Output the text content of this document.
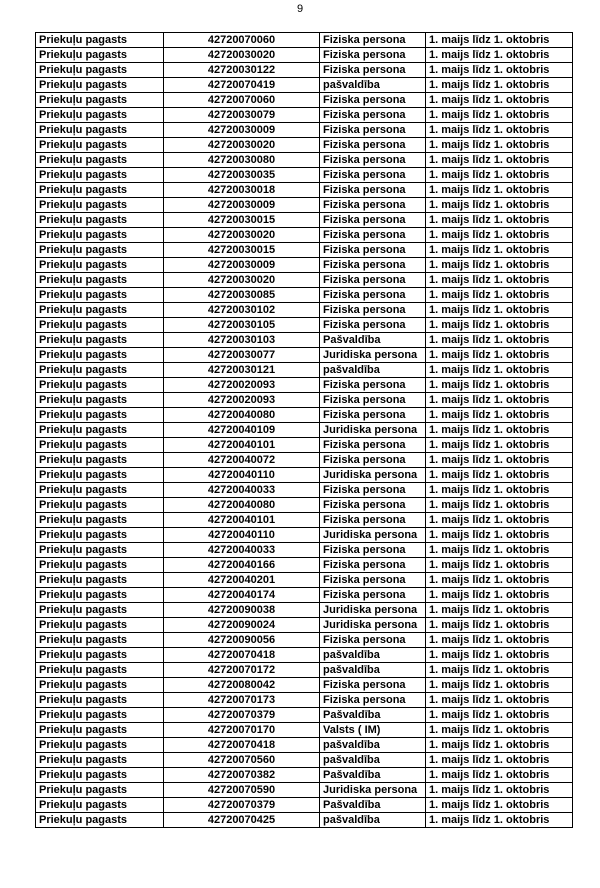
9
Priekuļu pagasts	42720070060	Fiziska persona	1. maijs līdz 1. oktobris
Priekuļu pagasts	42720030020	Fiziska persona	1. maijs līdz 1. oktobris
Priekuļu pagasts	42720030122	Fiziska persona	1. maijs līdz 1. oktobris
Priekuļu pagasts	42720070419	pašvaldība	1. maijs līdz 1. oktobris
Priekuļu pagasts	42720070060	Fiziska persona	1. maijs līdz 1. oktobris
Priekuļu pagasts	42720030079	Fiziska persona	1. maijs līdz 1. oktobris
Priekuļu pagasts	42720030009	Fiziska persona	1. maijs līdz 1. oktobris
Priekuļu pagasts	42720030020	Fiziska persona	1. maijs līdz 1. oktobris
Priekuļu pagasts	42720030080	Fiziska persona	1. maijs līdz 1. oktobris
Priekuļu pagasts	42720030035	Fiziska persona	1. maijs līdz 1. oktobris
Priekuļu pagasts	42720030018	Fiziska persona	1. maijs līdz 1. oktobris
Priekuļu pagasts	42720030009	Fiziska persona	1. maijs līdz 1. oktobris
Priekuļu pagasts	42720030015	Fiziska persona	1. maijs līdz 1. oktobris
Priekuļu pagasts	42720030020	Fiziska persona	1. maijs līdz 1. oktobris
Priekuļu pagasts	42720030015	Fiziska persona	1. maijs līdz 1. oktobris
Priekuļu pagasts	42720030009	Fiziska persona	1. maijs līdz 1. oktobris
Priekuļu pagasts	42720030020	Fiziska persona	1. maijs līdz 1. oktobris
Priekuļu pagasts	42720030085	Fiziska persona	1. maijs līdz 1. oktobris
Priekuļu pagasts	42720030102	Fiziska persona	1. maijs līdz 1. oktobris
Priekuļu pagasts	42720030105	Fiziska persona	1. maijs līdz 1. oktobris
Priekuļu pagasts	42720030103	Pašvaldība	1. maijs līdz 1. oktobris
Priekuļu pagasts	42720030077	Juridiska persona	1. maijs līdz 1. oktobris
Priekuļu pagasts	42720030121	pašvaldība	1. maijs līdz 1. oktobris
Priekuļu pagasts	42720020093	Fiziska persona	1. maijs līdz 1. oktobris
Priekuļu pagasts	42720020093	Fiziska persona	1. maijs līdz 1. oktobris
Priekuļu pagasts	42720040080	Fiziska persona	1. maijs līdz 1. oktobris
Priekuļu pagasts	42720040109	Juridiska persona	1. maijs līdz 1. oktobris
Priekuļu pagasts	42720040101	Fiziska persona	1. maijs līdz 1. oktobris
Priekuļu pagasts	42720040072	Fiziska persona	1. maijs līdz 1. oktobris
Priekuļu pagasts	42720040110	Juridiska persona	1. maijs līdz 1. oktobris
Priekuļu pagasts	42720040033	Fiziska persona	1. maijs līdz 1. oktobris
Priekuļu pagasts	42720040080	Fiziska persona	1. maijs līdz 1. oktobris
Priekuļu pagasts	42720040101	Fiziska persona	1. maijs līdz 1. oktobris
Priekuļu pagasts	42720040110	Juridiska persona	1. maijs līdz 1. oktobris
Priekuļu pagasts	42720040033	Fiziska persona	1. maijs līdz 1. oktobris
Priekuļu pagasts	42720040166	Fiziska persona	1. maijs līdz 1. oktobris
Priekuļu pagasts	42720040201	Fiziska persona	1. maijs līdz 1. oktobris
Priekuļu pagasts	42720040174	Fiziska persona	1. maijs līdz 1. oktobris
Priekuļu pagasts	42720090038	Juridiska persona	1. maijs līdz 1. oktobris
Priekuļu pagasts	42720090024	Juridiska persona	1. maijs līdz 1. oktobris
Priekuļu pagasts	42720090056	Fiziska persona	1. maijs līdz 1. oktobris
Priekuļu pagasts	42720070418	pašvaldība	1. maijs līdz 1. oktobris
Priekuļu pagasts	42720070172	pašvaldība	1. maijs līdz 1. oktobris
Priekuļu pagasts	42720080042	Fiziska persona	1. maijs līdz 1. oktobris
Priekuļu pagasts	42720070173	Fiziska persona	1. maijs līdz 1. oktobris
Priekuļu pagasts	42720070379	Pašvaldība	1. maijs līdz 1. oktobris
Priekuļu pagasts	42720070170	Valsts ( IM)	1. maijs līdz 1. oktobris
Priekuļu pagasts	42720070418	pašvaldība	1. maijs līdz 1. oktobris
Priekuļu pagasts	42720070560	pašvaldība	1. maijs līdz 1. oktobris
Priekuļu pagasts	42720070382	Pašvaldība	1. maijs līdz 1. oktobris
Priekuļu pagasts	42720070590	Juridiska persona	1. maijs līdz 1. oktobris
Priekuļu pagasts	42720070379	Pašvaldība	1. maijs līdz 1. oktobris
Priekuļu pagasts	42720070425	pašvaldība	1. maijs līdz 1. oktobris
